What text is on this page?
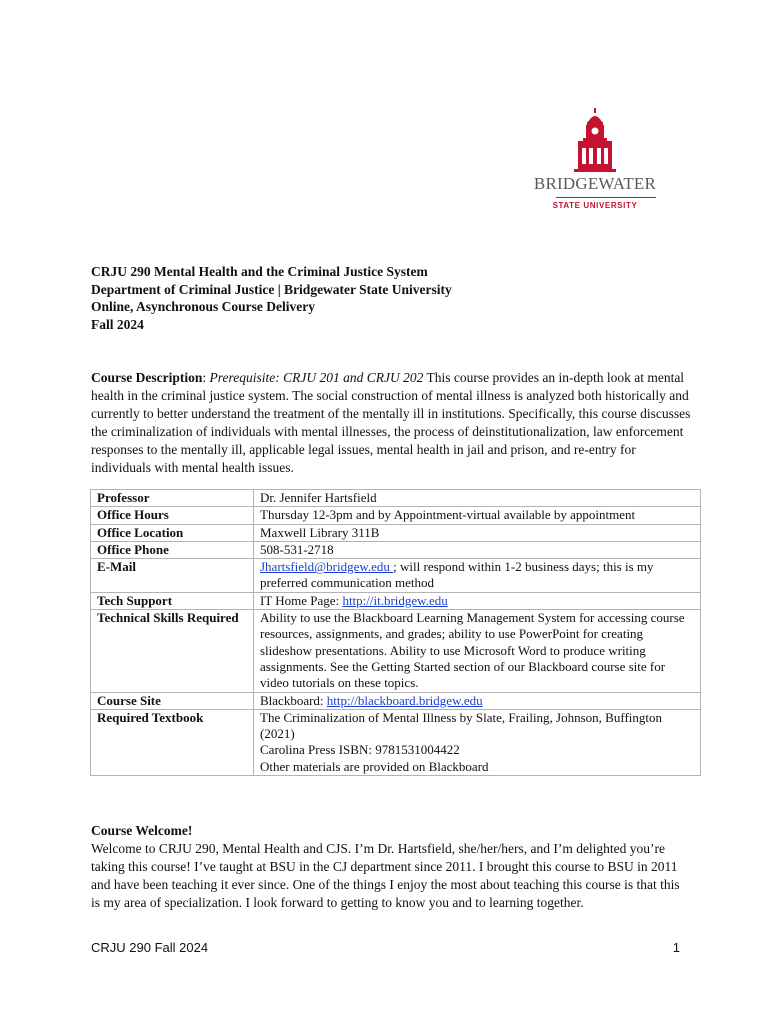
BRIDGEWATER
STATE UNIVERSITY
CRJU 290 Mental Health and the Criminal Justice System
Department of Criminal Justice | Bridgewater State University
Online, Asynchronous Course Delivery
Fall 2024
Course Description: Prerequisite: CRJU 201 and CRJU 202 This course provides an in-depth look at mental health in the criminal justice system. The social construction of mental illness is analyzed both historically and currently to better understand the treatment of the mentally ill in institutions. Specifically, this course discusses the criminalization of individuals with mental illnesses, the process of deinstitutionalization, law enforcement responses to the mentally ill, applicable legal issues, mental health in jail and prison, and re-entry for individuals with mental health issues.
Professor	Dr. Jennifer Hartsfield
Office Hours	Thursday 12-3pm and by Appointment-virtual available by appointment
Office Location	Maxwell Library 311B
Office Phone	508-531-2718
E-Mail	Jhartsfield@bridgew.edu ; will respond within 1-2 business days; this is my preferred communication method
Tech Support	IT Home Page: http://it.bridgew.edu
Technical Skills Required	Ability to use the Blackboard Learning Management System for accessing course resources, assignments, and grades; ability to use PowerPoint for creating slideshow presentations. Ability to use Microsoft Word to produce writing assignments. See the Getting Started section of our Blackboard course site for video tutorials on these topics.
Course Site	Blackboard: http://blackboard.bridgew.edu
Required Textbook	The Criminalization of Mental Illness by Slate, Frailing, Johnson, Buffington (2021)
Carolina Press ISBN: 9781531004422
Other materials are provided on Blackboard
Course Welcome!
Welcome to CRJU 290, Mental Health and CJS. I’m Dr. Hartsfield, she/her/hers, and I’m delighted you’re taking this course! I’ve taught at BSU in the CJ department since 2011. I brought this course to BSU in 2011 and have been teaching it ever since. One of the things I enjoy the most about teaching this course is that this is my area of specialization. I look forward to getting to know you and to learning together.
CRJU 290 Fall 2024	1
